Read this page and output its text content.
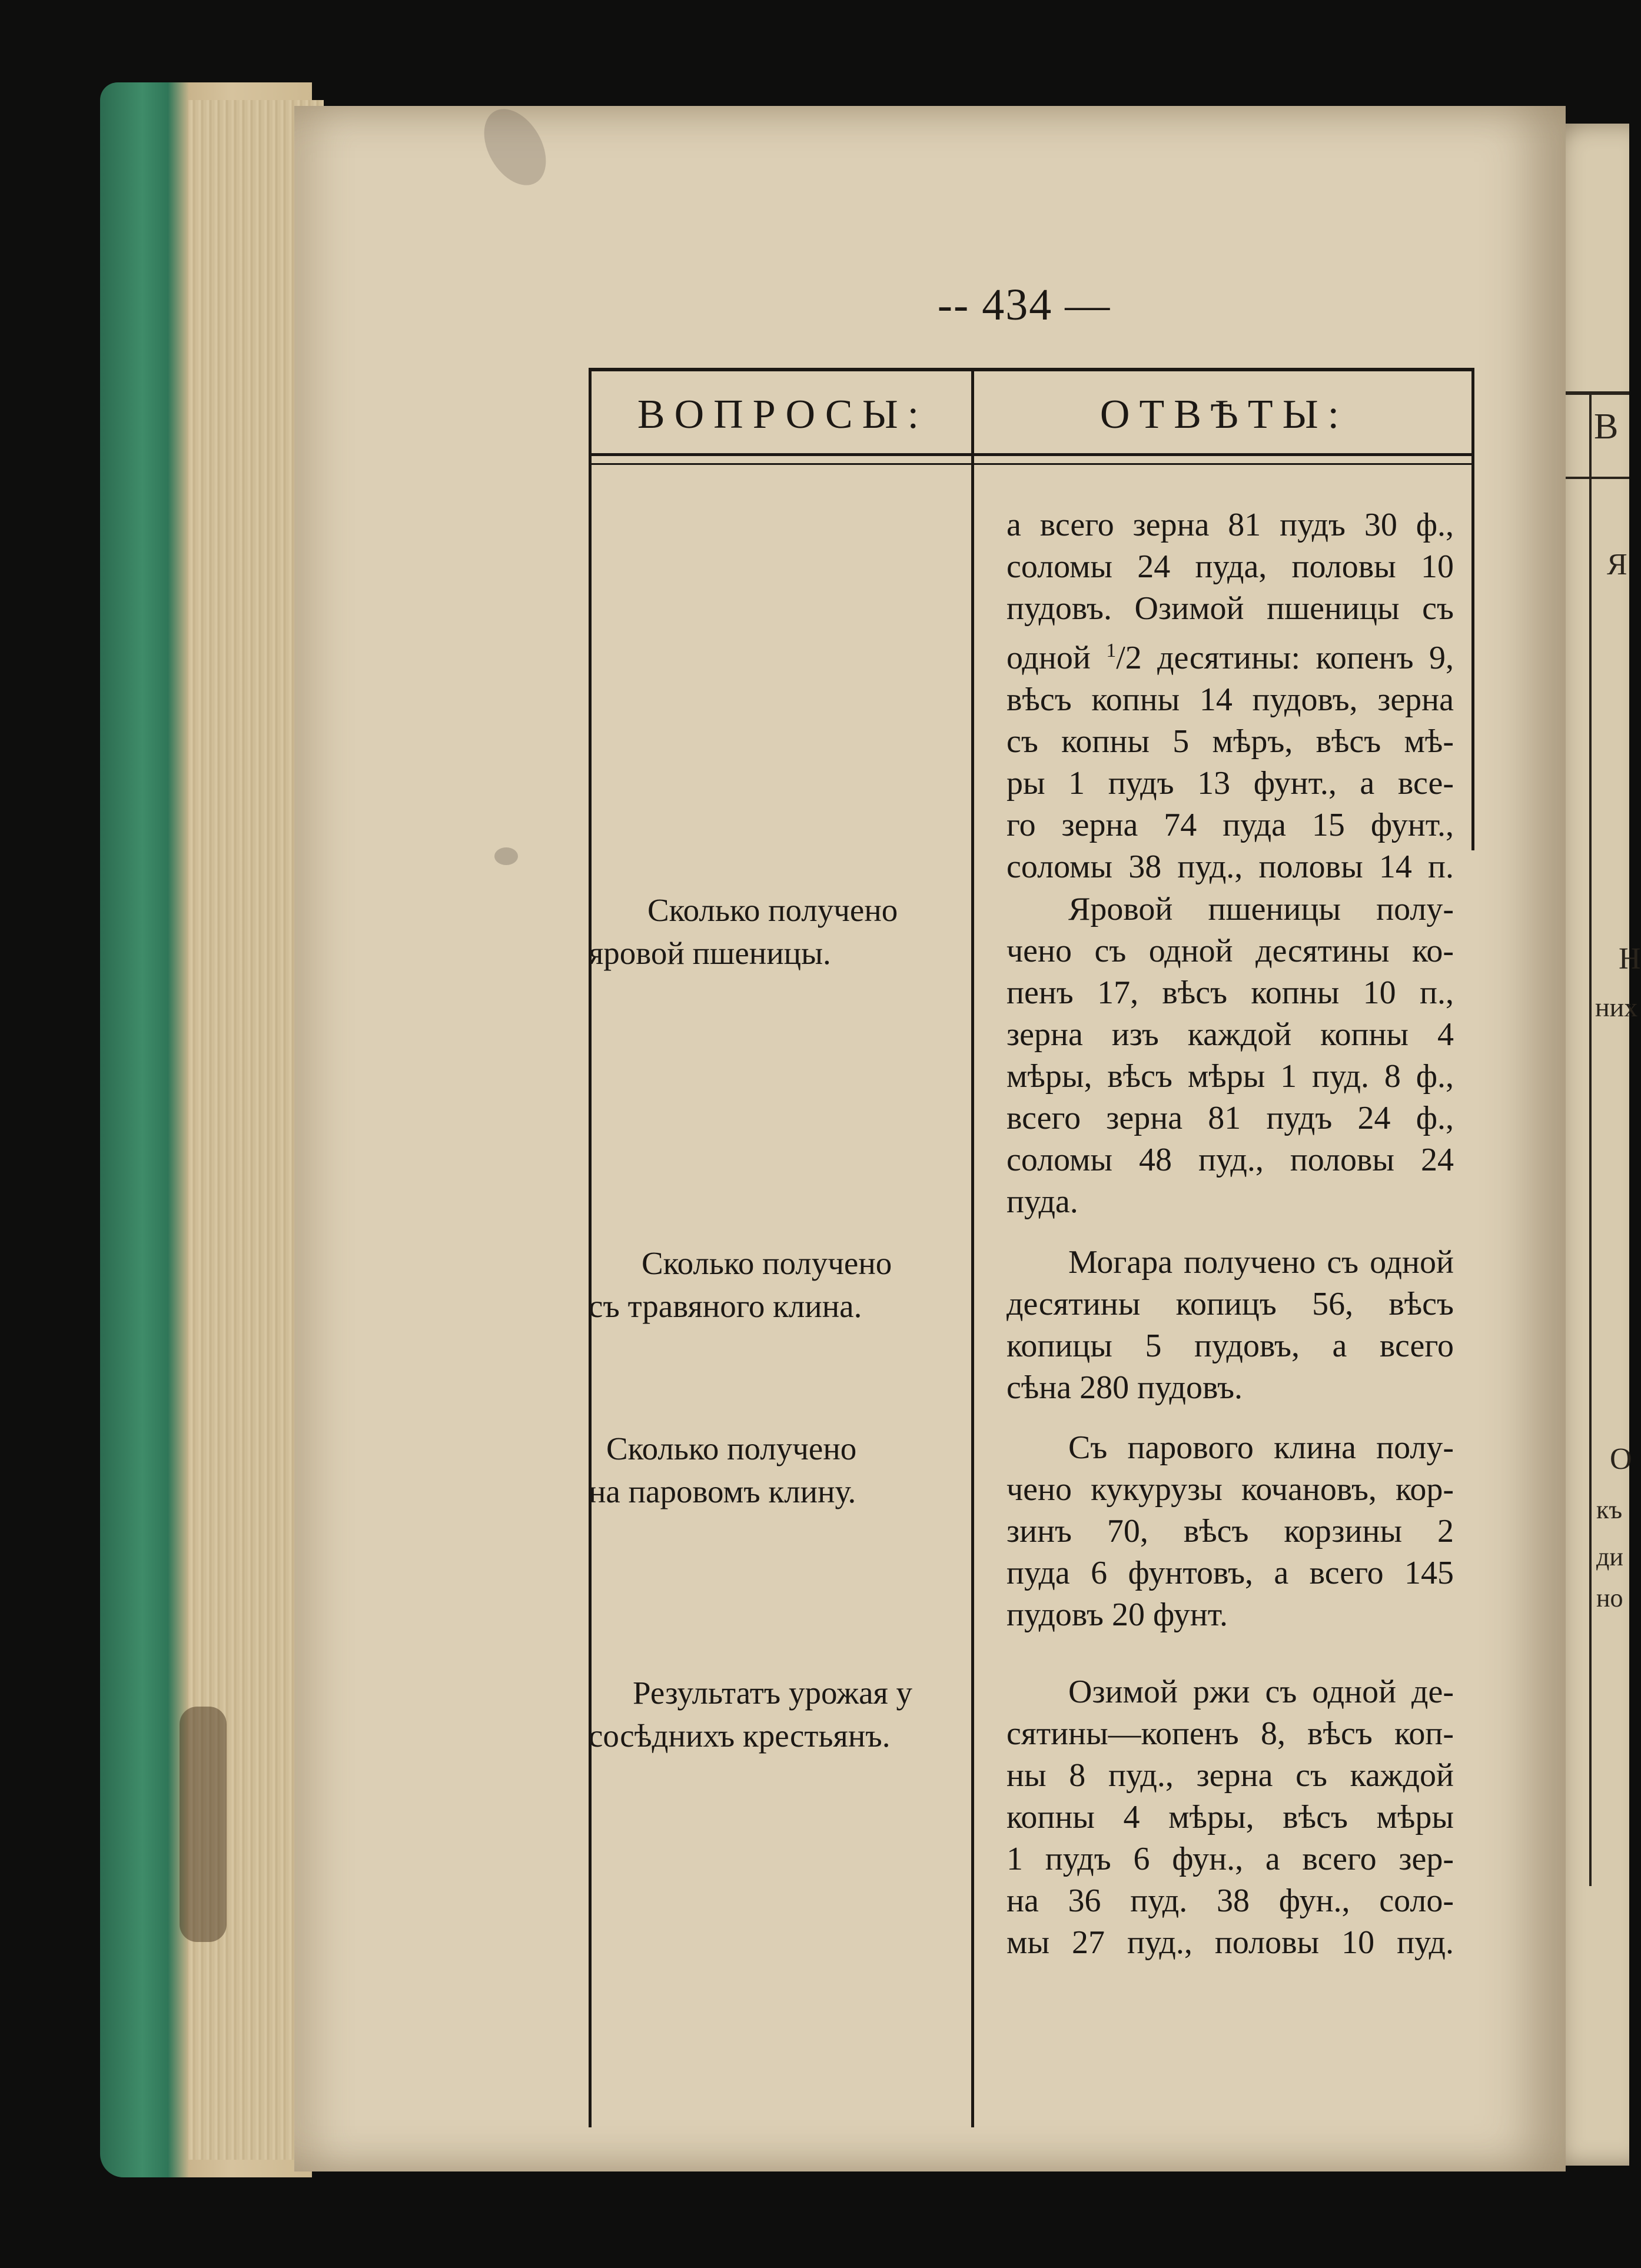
В
Я
Н
них
О
къ
ди
но
-- 434 —
ВОПРОСЫ:	ОТВѢТЫ:
а всего зерна 81 пудъ 30 ф.,
соломы 24 пуда, половы 10
пудовъ. Озимой пшеницы съ
одной $^1$/2 десятины: копенъ 9,
вѣсъ копны 14 пудовъ, зерна
съ копны 5 мѣръ, вѣсъ мѣ-
ры 1 пудъ 13 фунт., а все-
го зерна 74 пуда 15 фунт.,
соломы 38 пуд., половы 14 п.
Сколько получено
яровой пшеницы.
Яровой пшеницы полу-
чено съ одной десятины ко-
пенъ 17, вѣсъ копны 10 п.,
зерна изъ каждой копны 4
мѣры, вѣсъ мѣры 1 пуд. 8 ф.,
всего зерна 81 пудъ 24 ф.,
соломы 48 пуд., половы 24
пуда.
Сколько получено
съ травяного клина.
Могара получено съ одной
десятины копицъ 56, вѣсъ
копицы 5 пудовъ, а всего
сѣна 280 пудовъ.
Сколько получено
на паровомъ клину.
Съ парового клина полу-
чено кукурузы кочановъ, кор-
зинъ 70, вѣсъ корзины 2
пуда 6 фунтовъ, а всего 145
пудовъ 20 фунт.
Результатъ урожая у
сосѣднихъ крестьянъ.
Озимой ржи съ одной де-
сятины—копенъ 8, вѣсъ коп-
ны 8 пуд., зерна съ каждой
копны 4 мѣры, вѣсъ мѣры
1 пудъ 6 фун., а всего зер-
на 36 пуд. 38 фун., соло-
мы 27 пуд., половы 10 пуд.
